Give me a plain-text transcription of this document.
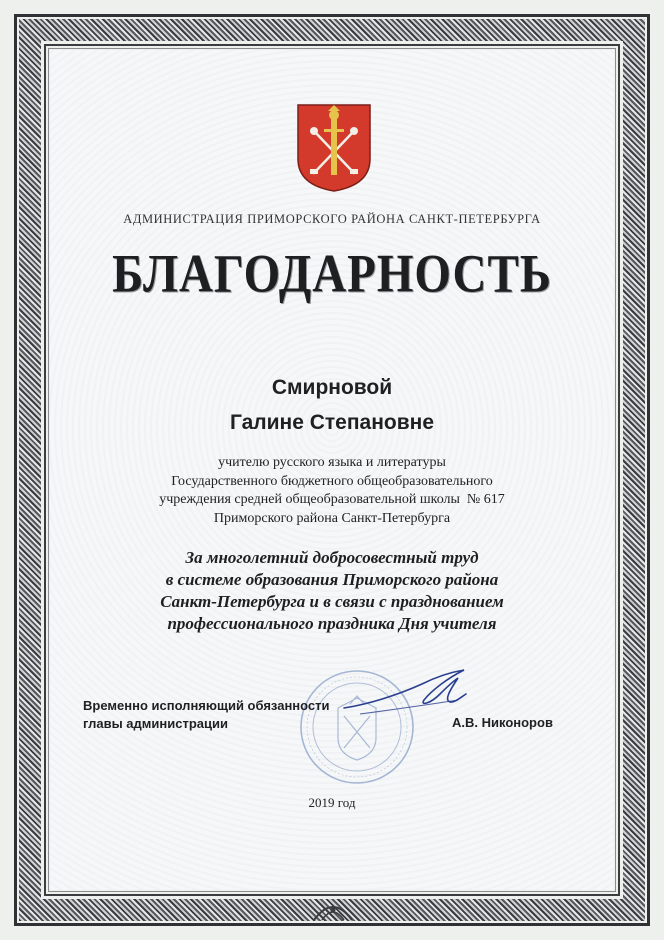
АДМИНИСТРАЦИЯ ПРИМОРСКОГО РАЙОНА САНКТ-ПЕТЕРБУРГА
БЛАГОДАРНОСТЬ
Смирновой
Галине Степановне
учителю русского языка и литературы
Государственного бюджетного общеобразовательного
учреждения средней общеобразовательной школы  № 617
Приморского района Санкт-Петербурга
За многолетний добросовестный труд
в системе образования Приморского района
Санкт-Петербурга и в связи с празднованием
профессионального праздника Дня учителя
Временно исполняющий обязанности
главы администрации	А.В. Никоноров
2019 год
